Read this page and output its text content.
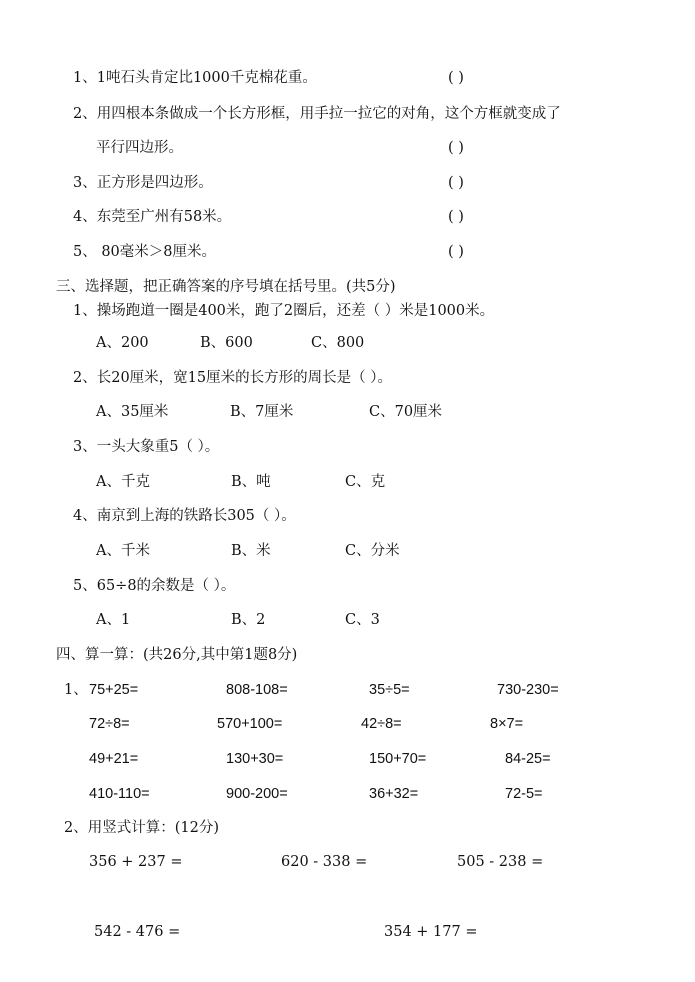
1、1吨石头肯定比1000千克棉花重。	( )
2、用四根本条做成一个长方形框，用手拉一拉它的对角，这个方框就变成了
平行四边形。	( )
3、正方形是四边形。	( )
4、东莞至广州有58米。	( )
5、 80毫米＞8厘米。	( )
三、选择题，把正确答案的序号填在括号里。(共5分)
1、操场跑道一圈是400米，跑了2圈后，还差（ ）米是1000米。
A、200	B、600	C、800
2、长20厘米，宽15厘米的长方形的周长是（ ）。
A、35厘米	B、7厘米	C、70厘米
3、一头大象重5（ ）。
A、千克	B、吨	C、克
4、南京到上海的铁路长305（ ）。
A、千米	B、米	C、分米
5、65÷8的余数是（ ）。
A、1	B、2	C、3
四、算一算：(共26分,其中第1题8分)
1、 75+25=	808-108=	35÷5=	730-230=
72÷8=	570+100=	42÷8=	8×7=
49+21=	130+30=	150+70=	84-25=
410-110=	900-200=	36+32=	72-5=
2、用竖式计算：(12分)
356 + 237 =	620 - 338 =	505 - 238 =
542 - 476 =	354 + 177 =
